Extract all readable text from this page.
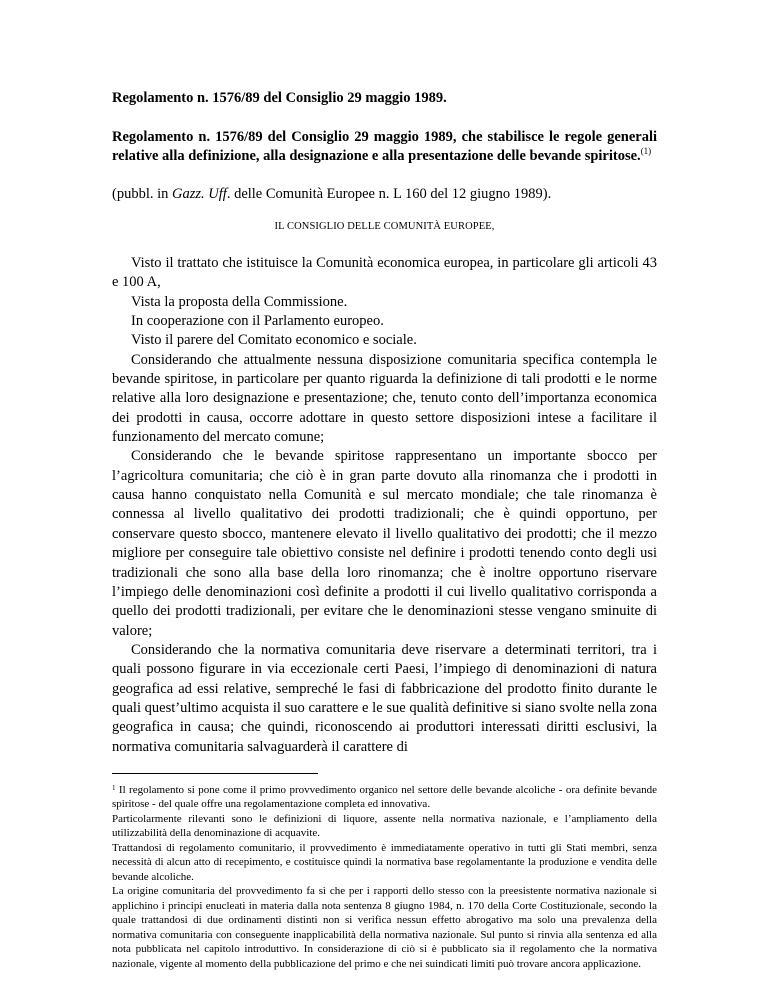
Regolamento n. 1576/89 del Consiglio 29 maggio 1989.
Regolamento n. 1576/89 del Consiglio 29 maggio 1989, che stabilisce le regole generali relative alla definizione, alla designazione e alla presentazione delle bevande spiritose.$^{(1)}$
(pubbl. in Gazz. Uff. delle Comunità Europee n. L 160 del 12 giugno 1989).
IL CONSIGLIO DELLE COMUNITÀ EUROPEE,

Visto il trattato che istituisce la Comunità economica europea, in particolare gli articoli 43 e 100 A,

Vista la proposta della Commissione.

In cooperazione con il Parlamento europeo.

Visto il parere del Comitato economico e sociale.

Considerando che attualmente nessuna disposizione comunitaria specifica contempla le bevande spiritose, in particolare per quanto riguarda la definizione di tali prodotti e le norme relative alla loro designazione e presentazione; che, tenuto conto dell’importanza economica dei prodotti in causa, occorre adottare in questo settore disposizioni intese a facilitare il funzionamento del mercato comune;

Considerando che le bevande spiritose rappresentano un importante sbocco per l’agricoltura comunitaria; che ciò è in gran parte dovuto alla rinomanza che i prodotti in causa hanno conquistato nella Comunità e sul mercato mondiale; che tale rinomanza è connessa al livello qualitativo dei prodotti tradizionali; che è quindi opportuno, per conservare questo sbocco, mantenere elevato il livello qualitativo dei prodotti; che il mezzo migliore per conseguire tale obiettivo consiste nel definire i prodotti tenendo conto degli usi tradizionali che sono alla base della loro rinomanza; che è inoltre opportuno riservare l’impiego delle denominazioni così definite a prodotti il cui livello qualitativo corrisponda a quello dei prodotti tradizionali, per evitare che le denominazioni stesse vengano sminuite di valore;

Considerando che la normativa comunitaria deve riservare a determinati territori, tra i quali possono figurare in via eccezionale certi Paesi, l’impiego di denominazioni di natura geografica ad essi relative, sempreché le fasi di fabbricazione del prodotto finito durante le quali quest’ultimo acquista il suo carattere e le sue qualità definitive si siano svolte nella zona geografica in causa; che quindi, riconoscendo ai produttori interessati diritti esclusivi, la normativa comunitaria salvaguarderà il carattere di

$^1$ Il regolamento si pone come il primo provvedimento organico nel settore delle bevande alcoliche - ora definite bevande spiritose - del quale offre una regolamentazione completa ed innovativa.

Particolarmente rilevanti sono le definizioni di liquore, assente nella normativa nazionale, e l’ampliamento della utilizzabilità della denominazione di acquavite.

Trattandosi di regolamento comunitario, il provvedimento è immediatamente operativo in tutti gli Stati membri, senza necessità di alcun atto di recepimento, e costituisce quindi la normativa base regolamentante la produzione e vendita delle bevande alcoliche.

La origine comunitaria del provvedimento fa sì che per i rapporti dello stesso con la preesistente normativa nazionale si applichino i principi enucleati in materia dalla nota sentenza 8 giugno 1984, n. 170 della Corte Costituzionale, secondo la quale trattandosi di due ordinamenti distinti non si verifica nessun effetto abrogativo ma solo una prevalenza della normativa comunitaria con conseguente inapplicabilità della normativa nazionale. Sul punto si rinvia alla sentenza ed alla nota pubblicata nel capitolo introduttivo. In considerazione di ciò si è pubblicato sia il regolamento che la normativa nazionale, vigente al momento della pubblicazione del primo e che nei suindicati limiti può trovare ancora applicazione.
